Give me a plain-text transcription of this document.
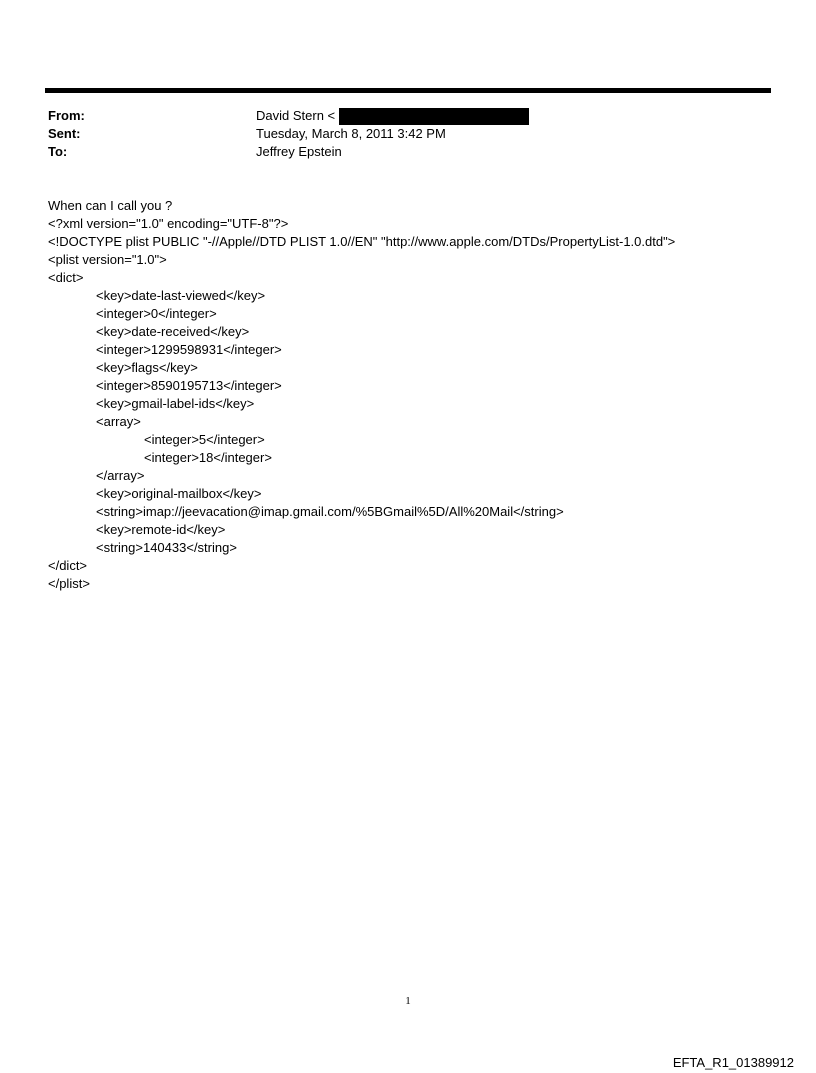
From:	David Stern <
Sent:	Tuesday, March 8, 2011 3:42 PM
To:	Jeffrey Epstein
When can I call you ?
<?xml version="1.0" encoding="UTF-8"?>
<!DOCTYPE plist PUBLIC "-//Apple//DTD PLIST 1.0//EN" "http://www.apple.com/DTDs/PropertyList-1.0.dtd">
<plist version="1.0">
<dict>
<key>date-last-viewed</key>
<integer>0</integer>
<key>date-received</key>
<integer>1299598931</integer>
<key>flags</key>
<integer>8590195713</integer>
<key>gmail-label-ids</key>
<array>
<integer>5</integer>
<integer>18</integer>
</array>
<key>original-mailbox</key>
<string>imap://jeevacation@imap.gmail.com/%5BGmail%5D/All%20Mail</string>
<key>remote-id</key>
<string>140433</string>
</dict>
</plist>
1
EFTA_R1_01389912
